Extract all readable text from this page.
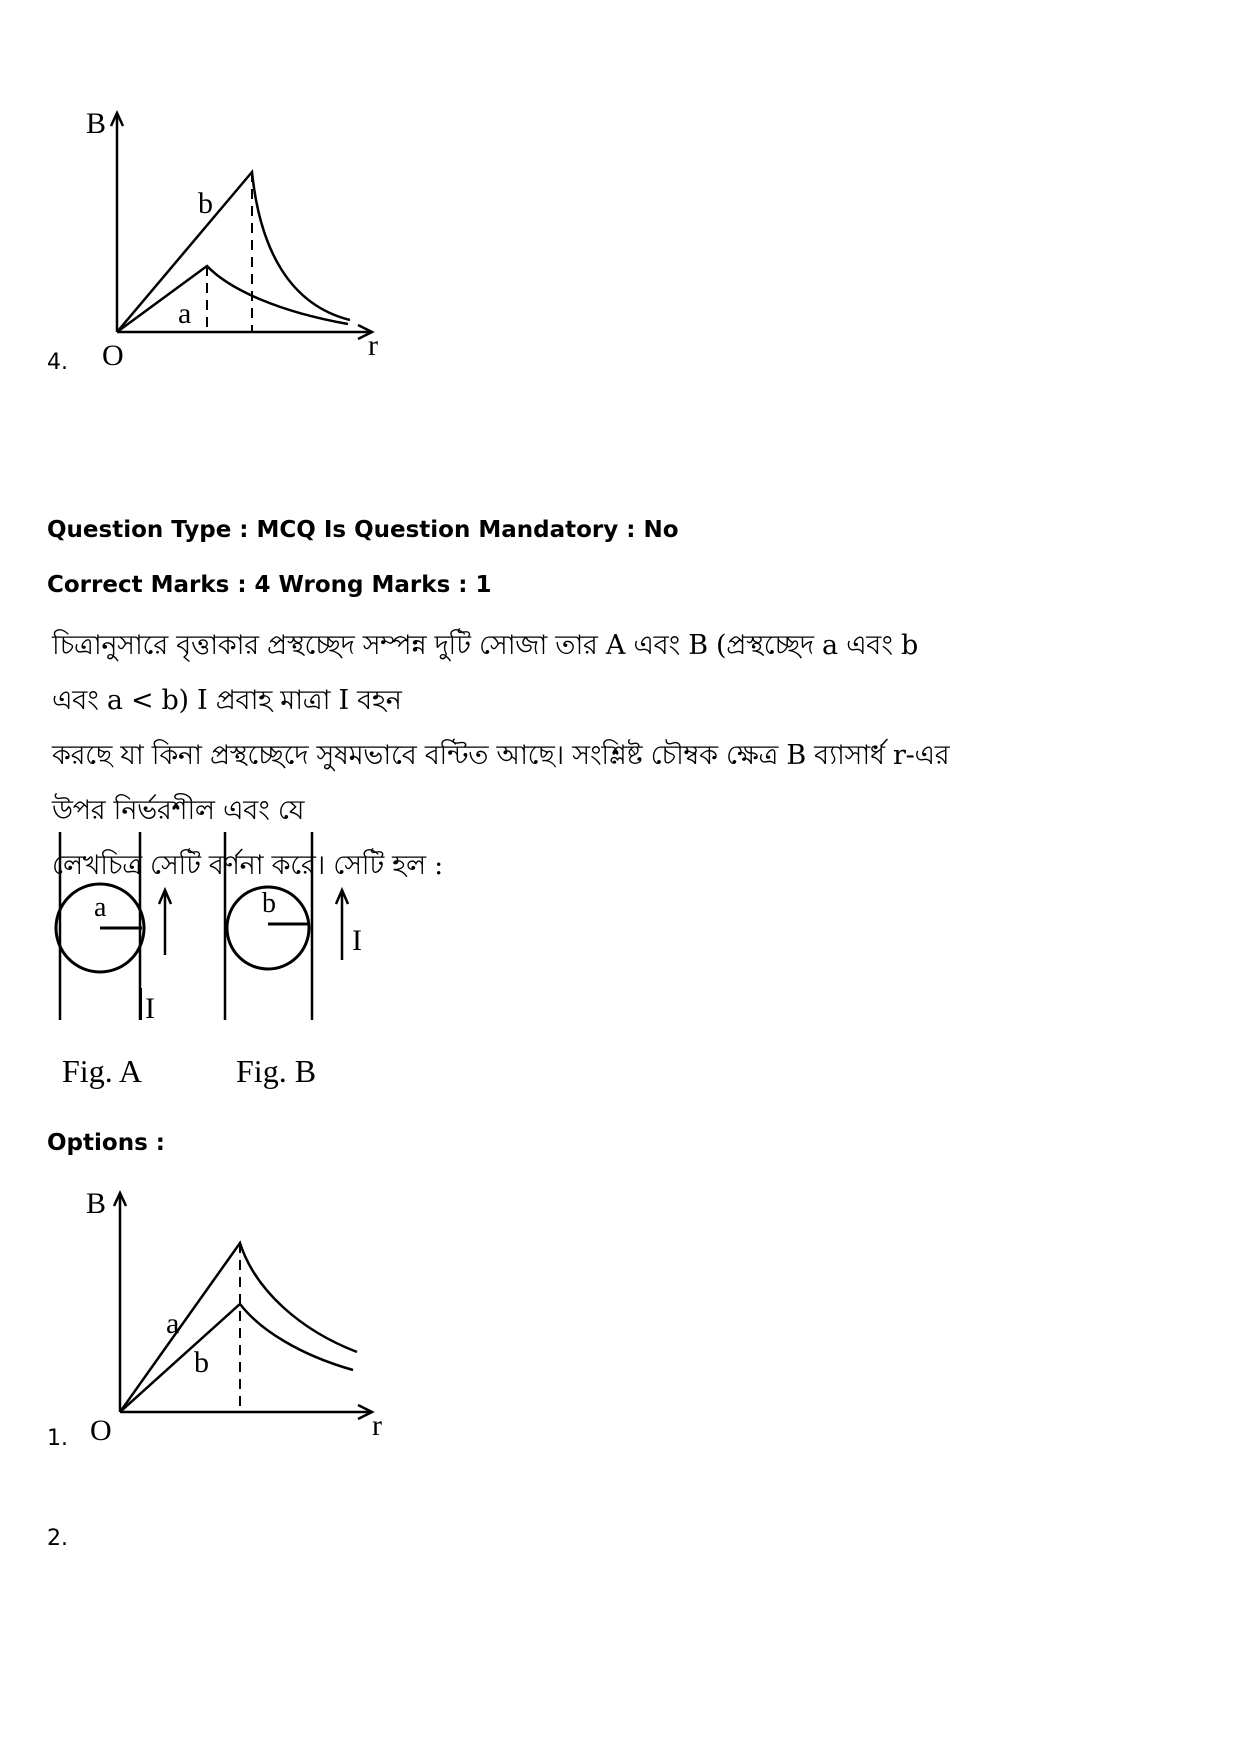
4.
B
r
O
b
a
Question Type : MCQ Is Question Mandatory : No
Correct Marks : 4 Wrong Marks : 1
চিত্রানুসারে বৃত্তাকার প্রস্থচ্ছেদ সম্পন্ন দুটি সোজা তার A এবং B (প্রস্থচ্ছেদ a এবং b এবং a < b) I প্রবাহ মাত্রা I বহন
করছে যা কিনা প্রস্থচ্ছেদে সুষমভাবে বন্টিত আছে। সংশ্লিষ্ট চৌম্বক ক্ষেত্র B ব্যাসার্ধ r-এর উপর নির্ভরশীল এবং যে
লেখচিত্র সেটি বর্ণনা করে। সেটি হল :
a
I
Fig. A
b
I
Fig. B
Options :
1.
B
r
O
a
b
2.
